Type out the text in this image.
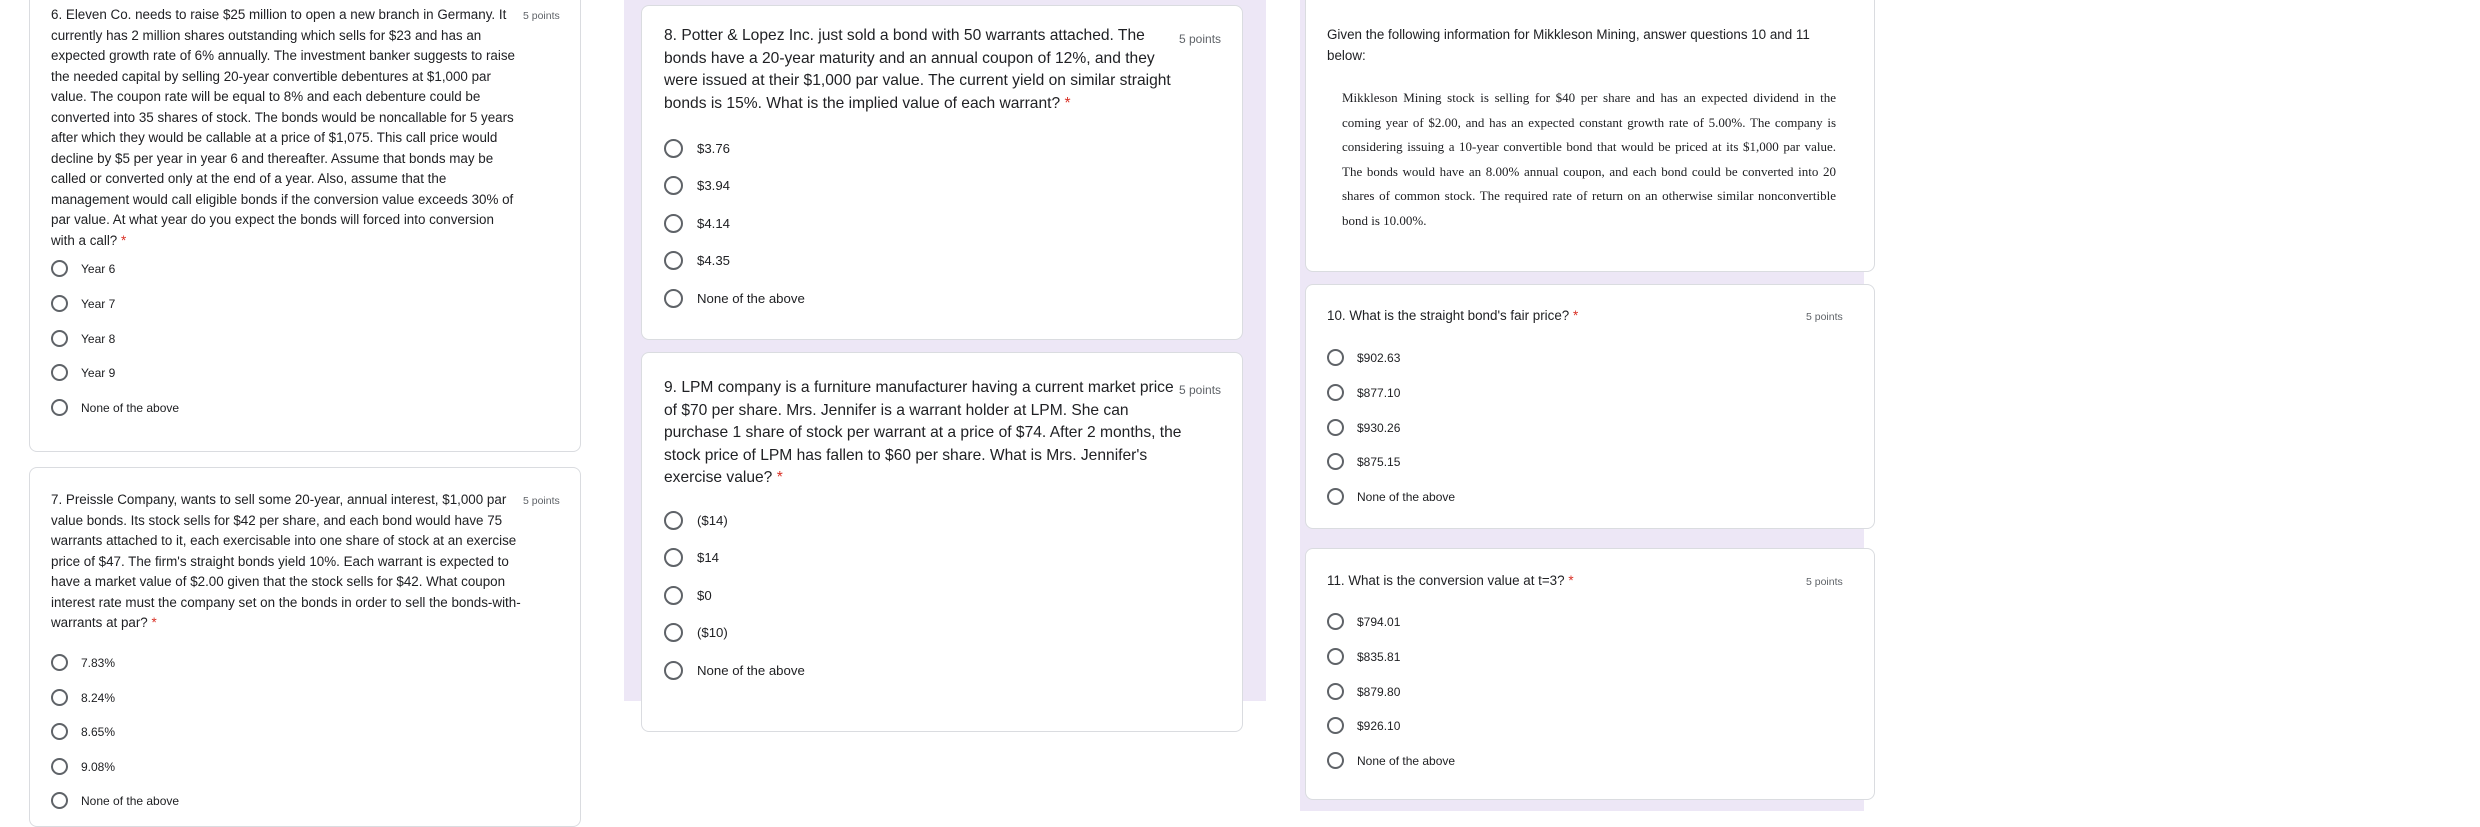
6. Eleven Co. needs to raise $25 million to open a new branch in Germany. It currently has 2 million shares outstanding which sells for $23 and has an expected growth rate of 6% annually. The investment banker suggests to raise the needed capital by selling 20-year convertible debentures at $1,000 par value. The coupon rate will be equal to 8% and each debenture could be converted into 35 shares of stock. The bonds would be noncallable for 5 years after which they would be callable at a price of $1,075. This call price would decline by $5 per year in year 6 and thereafter. Assume that bonds may be called or converted only at the end of a year. Also, assume that the management would call eligible bonds if the conversion value exceeds 30% of par value. At what year do you expect the bonds will forced into conversion with a call? *
5 points
Year 6
Year 7
Year 8
Year 9
None of the above
7. Preissle Company, wants to sell some 20-year, annual interest, $1,000 par value bonds. Its stock sells for $42 per share, and each bond would have 75 warrants attached to it, each exercisable into one share of stock at an exercise price of $47. The firm's straight bonds yield 10%. Each warrant is expected to have a market value of $2.00 given that the stock sells for $42. What coupon interest rate must the company set on the bonds in order to sell the bonds-with-warrants at par? *
5 points
7.83%
8.24%
8.65%
9.08%
None of the above
8. Potter & Lopez Inc. just sold a bond with 50 warrants attached. The bonds have a 20-year maturity and an annual coupon of 12%, and they were issued at their $1,000 par value. The current yield on similar straight bonds is 15%. What is the implied value of each warrant? *
5 points
$3.76
$3.94
$4.14
$4.35
None of the above
9. LPM company is a furniture manufacturer having a current market price of $70 per share. Mrs. Jennifer is a warrant holder at LPM. She can purchase 1 share of stock per warrant at a price of $74. After 2 months, the stock price of LPM has fallen to $60 per share. What is Mrs. Jennifer's exercise value? *
5 points
($14)
$14
$0
($10)
None of the above
Given the following information for Mikkleson Mining, answer questions 10 and 11 below:
Mikkleson Mining stock is selling for $40 per share and has an expected dividend in the coming year of $2.00, and has an expected constant growth rate of 5.00%. The company is considering issuing a 10-year convertible bond that would be priced at its $1,000 par value. The bonds would have an 8.00% annual coupon, and each bond could be converted into 20 shares of common stock. The required rate of return on an otherwise similar nonconvertible bond is 10.00%.
10. What is the straight bond's fair price? *	5 points
$902.63
$877.10
$930.26
$875.15
None of the above
11. What is the conversion value at t=3? *	5 points
$794.01
$835.81
$879.80
$926.10
None of the above
